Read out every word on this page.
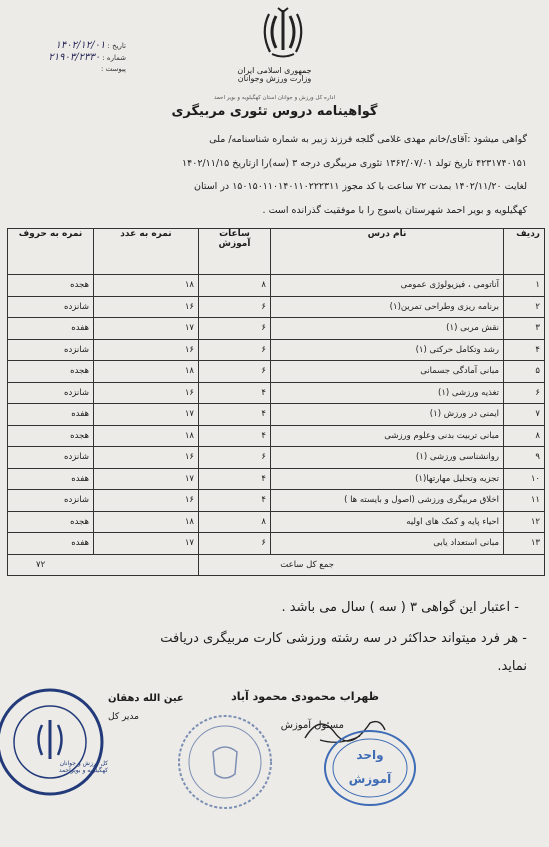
جمهوری اسلامی ایران
وزارت ورزش وجوانان
اداره کل ورزش و جوانان استان کهگیلویه و بویر احمد
گواهینامه دروس تئوری مربیگری
تاریخ : ۱۴۰۲/۱۲/۰۱
شماره : ۲۱۹۰۳/۲۳۳۰
پیوست :
گواهی میشود :آقای/خانم مهدی غلامی گلجه فرزند زبیر به شماره شناسنامه/ ملی
۴۲۳۱۷۴۰۱۵۱ تاریخ تولد ۱۳۶۲/۰۷/۰۱ تئوری مربیگری درجه ۳ (سه)را ازتاریخ ۱۴۰۲/۱۱/۱۵
لغایت ۱۴۰۲/۱۱/۲۰ بمدت ۷۲ ساعت با کد مجوز ۱۵۰۱۵۰۱۱۰۱۴۰۱۱۰۲۲۲۳۱۱ در استان
کهگیلویه و بویر احمد شهرستان یاسوج را با موفقیت گذرانده است .
ردیف	نام درس	ساعات آموزش	نمره به عدد	نمره به حروف
۱	آناتومی ، فیزیولوژی عمومی	۸	۱۸	هجده
۲	برنامه ریزی وطراحی تمرین(۱)	۶	۱۶	شانزده
۳	نقش مربی (۱)	۶	۱۷	هفده
۴	رشد وتکامل حرکتی (۱)	۶	۱۶	شانزده
۵	مبانی آمادگی جسمانی	۶	۱۸	هجده
۶	تغذیه ورزشی (۱)	۴	۱۶	شانزده
۷	ایمنی در ورزش (۱)	۴	۱۷	هفده
۸	مبانی تربیت بدنی وعلوم ورزشی	۴	۱۸	هجده
۹	روانشناسی ورزشی (۱)	۶	۱۶	شانزده
۱۰	تجزیه وتحلیل مهارتها(۱)	۴	۱۷	هفده
۱۱	اخلاق مربیگری ورزشی (اصول و بایسته ها )	۴	۱۶	شانزده
۱۲	احیاء پایه و کمک های اولیه	۸	۱۸	هجده
۱۳	مبانی استعداد یابی	۶	۱۷	هفده
جمع کل ساعت			۷۲	
- اعتبار این گواهی ۳ ( سه ) سال می باشد .
- هر فرد میتواند حداکثر در سه رشته ورزشی کارت مربیگری دریافت
نماید.
ظهراب محمودی محمود آباد
مسئول آموزش
عین الله دهقان
مدیر کل
واحد
آموزش
کل ورزش و جوانان کهگیلویه و بویراحمد
